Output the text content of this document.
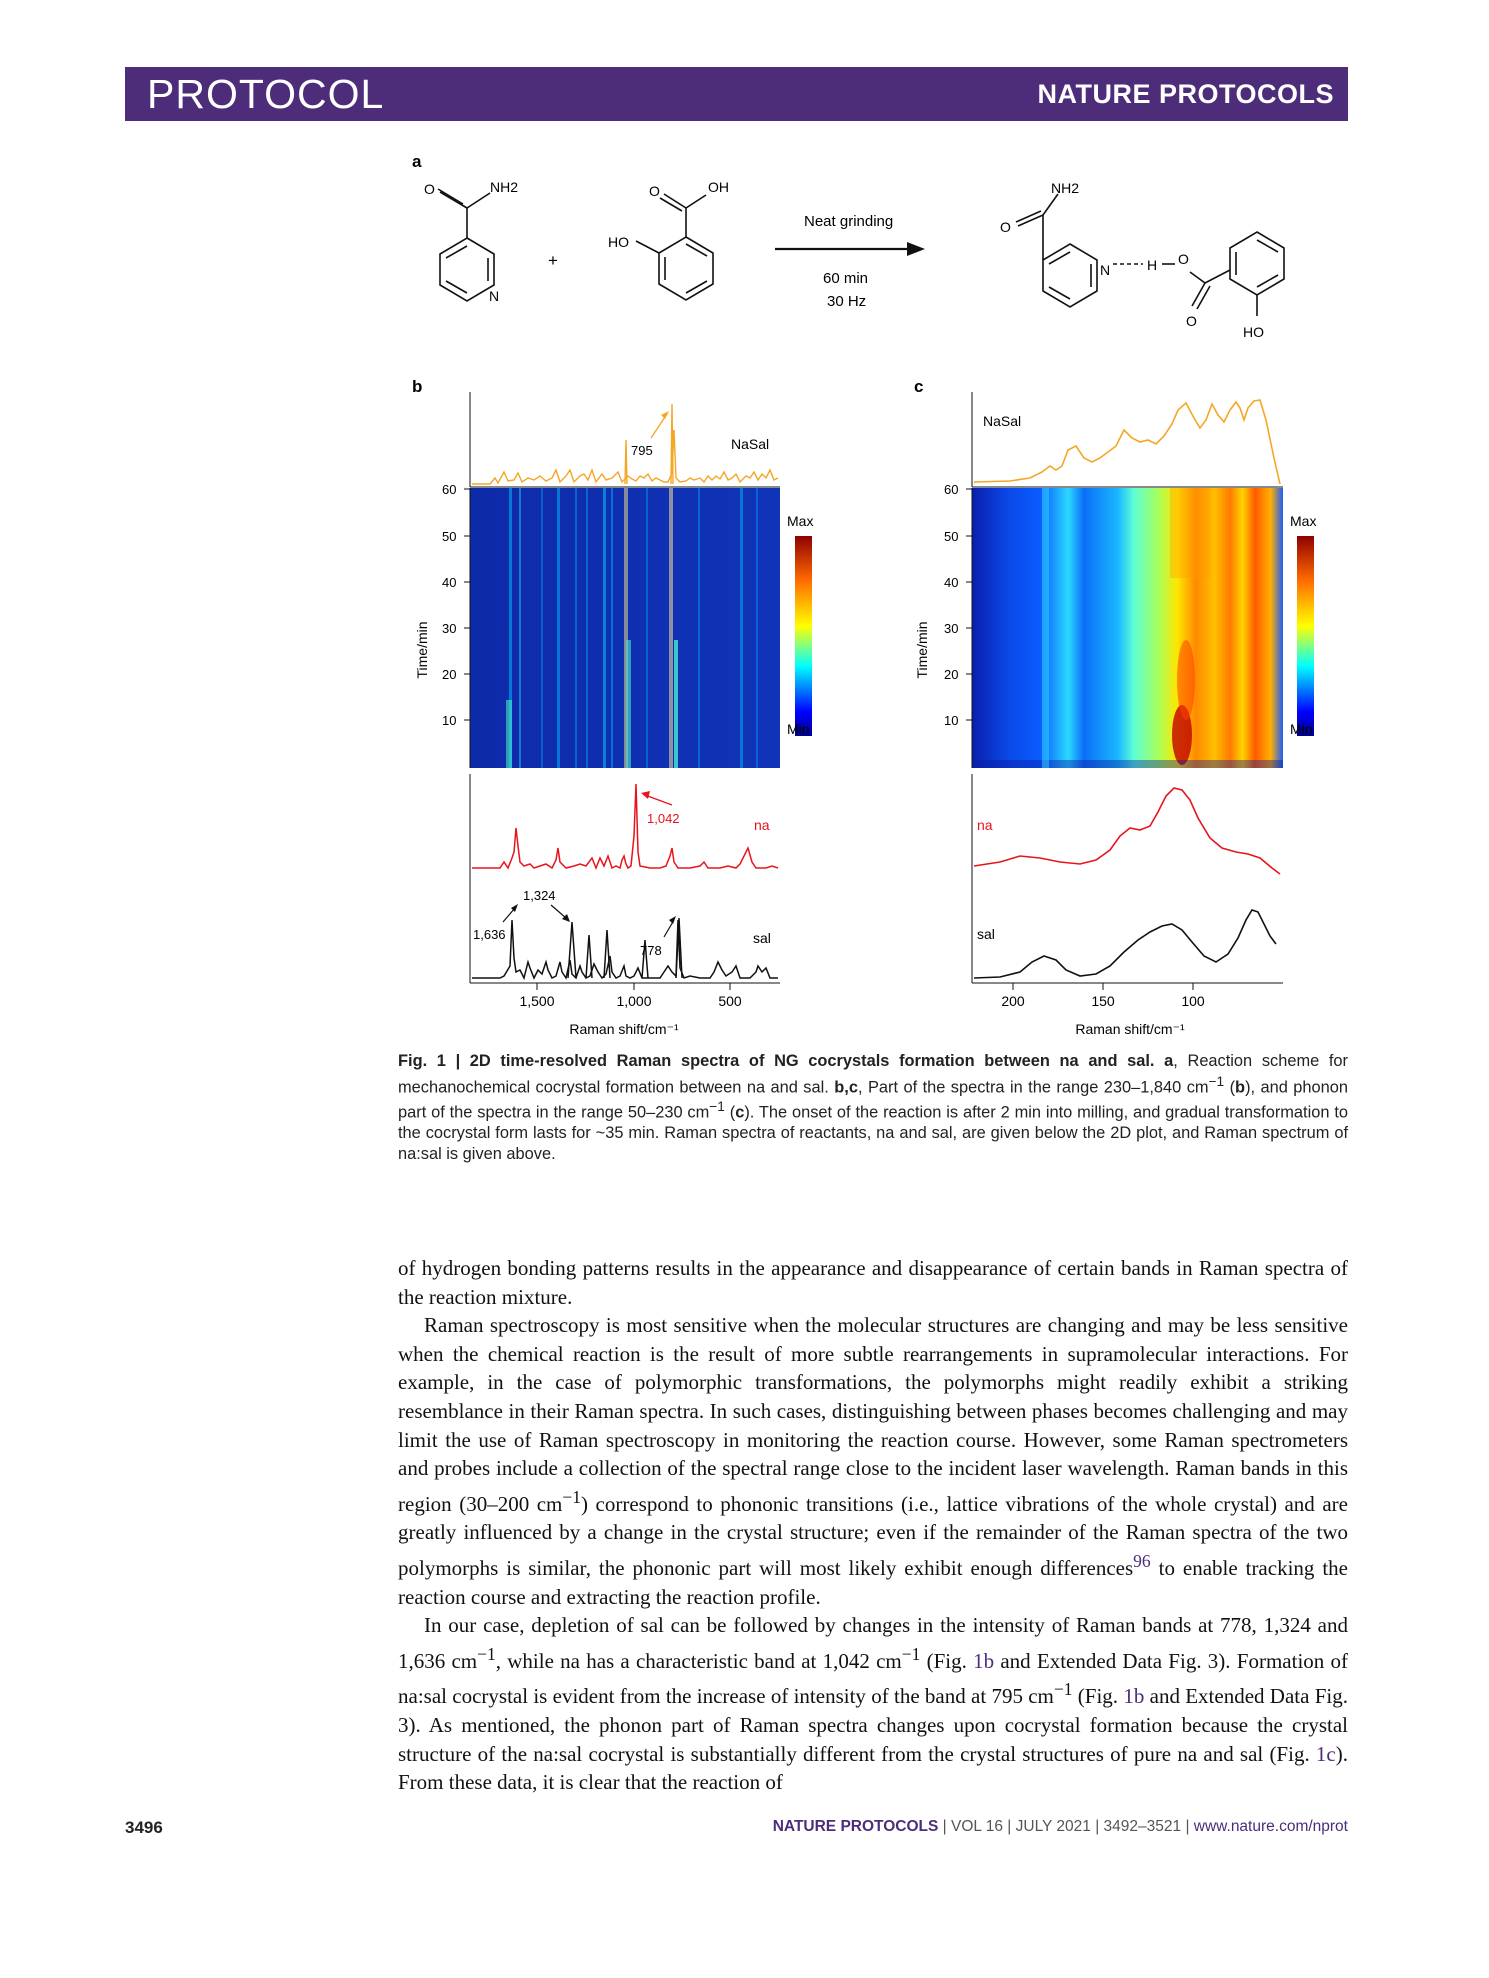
PROTOCOL	NATURE PROTOCOLS
a
O	NH2
N
+
O	OH
HO
Neat grinding
60 min
30 Hz
NH2
O
N	H O
O
HO
b
795	NaSal
60
50
40
30
20
10
Time/min
Max
Min
1,042	na
1,636
1,324
778
sal
1,500	1,000	500
Raman shift/cm⁻¹
c
NaSal
60
50
40
30
20
10
Time/min
Max
Min
na
sal
200	150	100
Raman shift/cm⁻¹
Fig. 1 | 2D time-resolved Raman spectra of NG cocrystals formation between na and sal. a, Reaction scheme for mechanochemical cocrystal formation between na and sal. b,c, Part of the spectra in the range 230–1,840 $cm^{-1}$ (b), and phonon part of the spectra in the range 50–230 $cm^{-1}$ (c). The onset of the reaction is after 2 min into milling, and gradual transformation to the cocrystal form lasts for ~35 min. Raman spectra of reactants, na and sal, are given below the 2D plot, and Raman spectrum of na:sal is given above.

of hydrogen bonding patterns results in the appearance and disappearance of certain bands in Raman spectra of the reaction mixture.

Raman spectroscopy is most sensitive when the molecular structures are changing and may be less sensitive when the chemical reaction is the result of more subtle rearrangements in supramolecular interactions. For example, in the case of polymorphic transformations, the polymorphs might readily exhibit a striking resemblance in their Raman spectra. In such cases, distinguishing between phases becomes challenging and may limit the use of Raman spectroscopy in monitoring the reaction course. However, some Raman spectrometers and probes include a collection of the spectral range close to the incident laser wavelength. Raman bands in this region (30–200 $cm^{-1}$) correspond to phononic transitions (i.e., lattice vibrations of the whole crystal) and are greatly influenced by a change in the crystal structure; even if the remainder of the Raman spectra of the two polymorphs is similar, the phononic part will most likely exhibit enough differences$^{96}$ to enable tracking the reaction course and extracting the reaction profile.

In our case, depletion of sal can be followed by changes in the intensity of Raman bands at 778, 1,324 and 1,636 $cm^{-1}$, while na has a characteristic band at 1,042 $cm^{-1}$ (Fig. 1b and Extended Data Fig. 3). Formation of na:sal cocrystal is evident from the increase of intensity of the band at 795 $cm^{-1}$ (Fig. 1b and Extended Data Fig. 3). As mentioned, the phonon part of Raman spectra changes upon cocrystal formation because the crystal structure of the na:sal cocrystal is substantially different from the crystal structures of pure na and sal (Fig. 1c). From these data, it is clear that the reaction of

3496	NATURE PROTOCOLS | VOL 16 | JULY 2021 | 3492–3521 | www.nature.com/nprot
